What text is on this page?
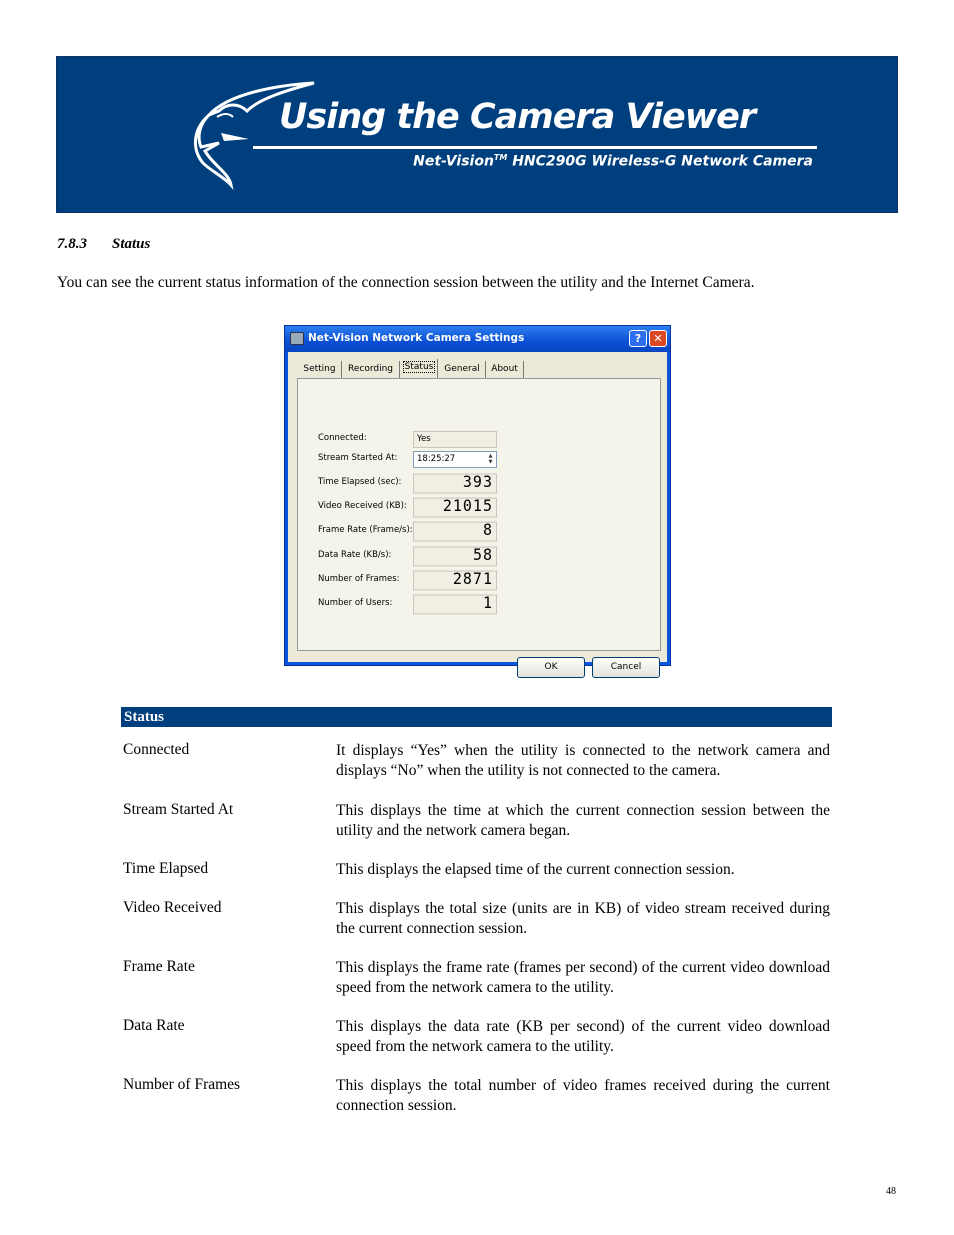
Using the Camera Viewer
Net-Vision™ HNC290G Wireless-G Network Camera
7.8.3 Status
You can see the current status information of the connection session between the utility and the Internet Camera.
Net-Vision Network Camera Settings	?	✕
Setting	Recording	Status	General	About
Connected:	Yes
Stream Started At:	18:25:27	▲
▼
Time Elapsed (sec):	393
Video Received (KB):	21015
Frame Rate (Frame/s):	8
Data Rate (KB/s):	58
Number of Frames:	2871
Number of Users:	1
OK	Cancel
Status
Connected	It displays “Yes” when the utility is connected to the network camera and displays “No” when the utility is not connected to the camera.
Stream Started At	This displays the time at which the current connection session between the utility and the network camera began.
Time Elapsed	This displays the elapsed time of the current connection session.
Video Received	This displays the total size (units are in KB) of video stream received during the current connection session.
Frame Rate	This displays the frame rate (frames per second) of the current video download speed from the network camera to the utility.
Data Rate	This displays the data rate (KB per second) of the current video download speed from the network camera to the utility.
Number of Frames	This displays the total number of video frames received during the current connection session.
48
